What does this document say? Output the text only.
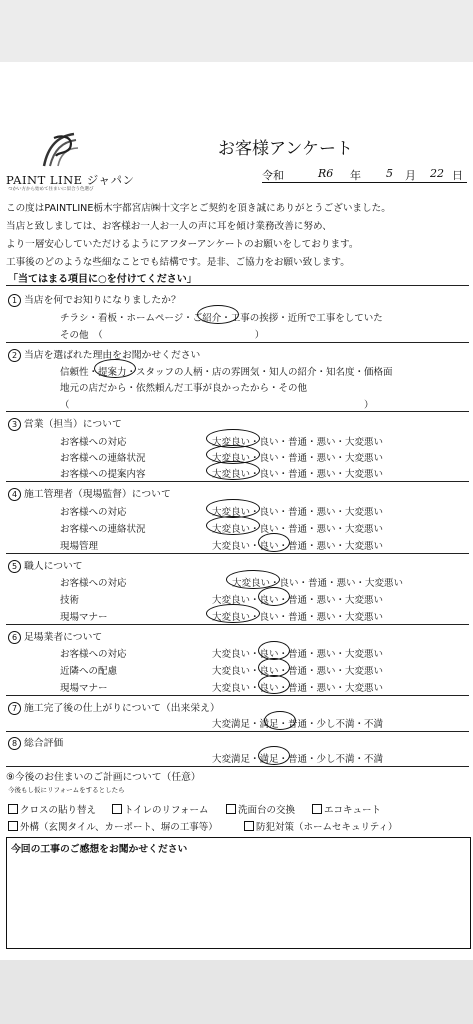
PAINT LINE ジャパン
つかい方から始めて住まいに似合う色選び
お客様アンケート
令和	R6 年 5 月 22 日
この度はPAINTLINE栃木宇都宮店㈱十文字とご契約を頂き誠にありがとうございました。
当店と致しましては、お客様お一人お一人の声に耳を傾け業務改善に努め、
より一層安心していただけるようにアフターアンケートのお願いをしております。
工事後のどのような些細なことでも結構です。是非、ご協力をお願い致します。
「当てはまる項目に○を付けてください」
1 当店を何でお知りになりましたか？
チラシ・看板・ホームページ・ご紹介・工事の挨拶・近所で工事をしていた
その他　（　　　　　　　　　　　　　　　　）
2 当店を選ばれた理由をお聞かせください
信頼性・提案力・スタッフの人柄・店の雰囲気・知人の紹介・知名度・価格面
地元の店だから・依然頼んだ工事が良かったから・その他
（　　　　　　　　　　　　　　　　　　　　　　　　　　　　　　　）
3 営業（担当）について
お客様への対応	大変良い・良い・普通・悪い・大変悪い
お客様への連絡状況	大変良い・良い・普通・悪い・大変悪い
お客様への提案内容	大変良い・良い・普通・悪い・大変悪い
4 施工管理者（現場監督）について
お客様への対応	大変良い・良い・普通・悪い・大変悪い
お客様への連絡状況	大変良い・良い・普通・悪い・大変悪い
現場管理	大変良い・良い・普通・悪い・大変悪い
5 職人について
お客様への対応	大変良い・良い・普通・悪い・大変悪い
技術	大変良い・良い・普通・悪い・大変悪い
現場マナー	大変良い・良い・普通・悪い・大変悪い
6 足場業者について
お客様への対応	大変良い・良い・普通・悪い・大変悪い
近隣への配慮	大変良い・良い・普通・悪い・大変悪い
現場マナー	大変良い・良い・普通・悪い・大変悪い
7 施工完了後の仕上がりについて（出来栄え）
大変満足・満足・普通・少し不満・不満
8 総合評価
大変満足・満足・普通・少し不満・不満
⑨今後のお住まいのご計画について（任意）
今後もし仮にリフォームをするとしたら
クロスの貼り替え	トイレのリフォーム	洗面台の交換	エコキュート
外構（玄関タイル、カーポート、塀の工事等）	防犯対策（ホームセキュリティ）
今回の工事のご感想をお聞かせください
